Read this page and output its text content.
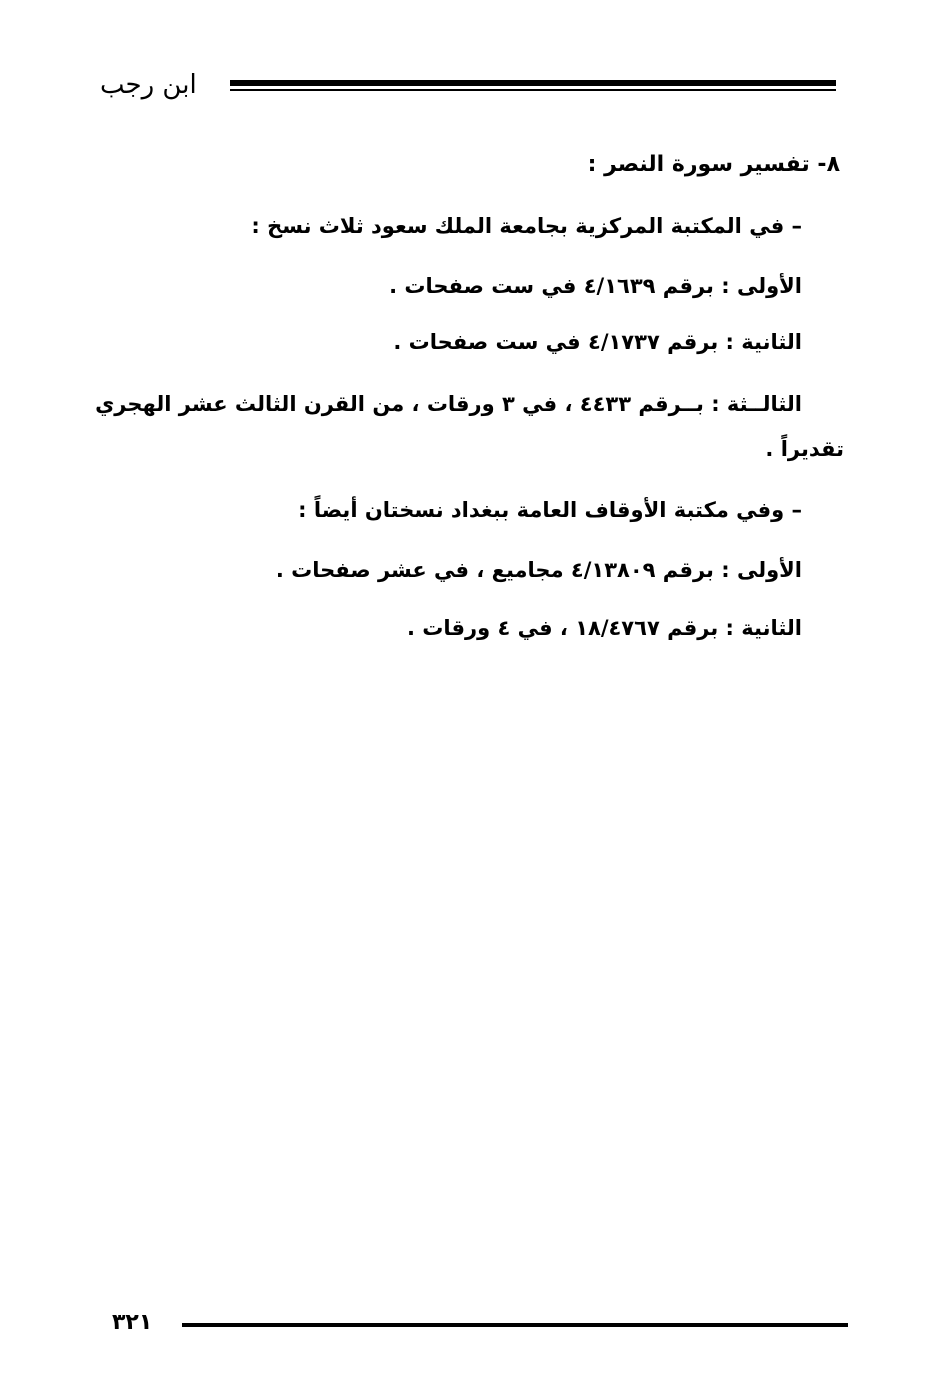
ابن رجب
٨- تفسير سورة النصر :
– في المكتبة المركزية بجامعة الملك سعود ثلاث نسخ :
الأولى : برقم ٤/١٦٣٩ في ست صفحات .
الثانية : برقم ٤/١٧٣٧ في ست صفحات .
الثالــثة : بــرقم ٤٤٣٣ ، في ٣ ورقات ، من القرن الثالث عشر الهجري
تقديراً .
– وفي مكتبة الأوقاف العامة ببغداد نسختان أيضاً :
الأولى : برقم ٤/١٣٨٠٩ مجاميع ، في عشر صفحات .
الثانية : برقم ١٨/٤٧٦٧ ، في ٤ ورقات .
٣٢١
